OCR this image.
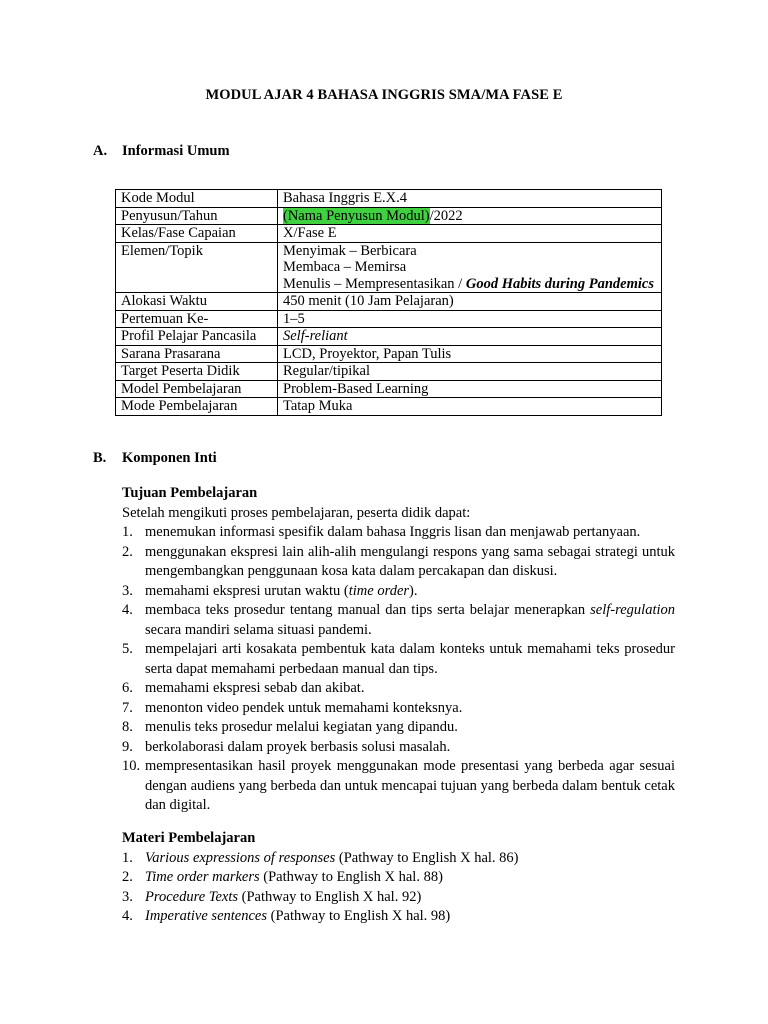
MODUL AJAR 4 BAHASA INGGRIS SMA/MA FASE E
A. Informasi Umum
Kode Modul	Bahasa Inggris E.X.4
Penyusun/Tahun	(Nama Penyusun Modul)/2022
Kelas/Fase Capaian	X/Fase E
Elemen/Topik	Menyimak – Berbicara
Membaca – Memirsa
Menulis – Mempresentasikan / Good Habits during Pandemics

Alokasi Waktu	450 menit (10 Jam Pelajaran)
Pertemuan Ke-	1–5
Profil Pelajar Pancasila	Self-reliant
Sarana Prasarana	LCD, Proyektor, Papan Tulis
Target Peserta Didik	Regular/tipikal
Model Pembelajaran	Problem-Based Learning
Mode Pembelajaran	Tatap Muka
B. Komponen Inti
Tujuan Pembelajaran
Setelah mengikuti proses pembelajaran, peserta didik dapat:
1. menemukan informasi spesifik dalam bahasa Inggris lisan dan menjawab pertanyaan.
2. menggunakan ekspresi lain alih-alih mengulangi respons yang sama sebagai strategi untuk mengembangkan penggunaan kosa kata dalam percakapan dan diskusi.
3. memahami ekspresi urutan waktu (time order).
4. membaca teks prosedur tentang manual dan tips serta belajar menerapkan self-regulation secara mandiri selama situasi pandemi.
5. mempelajari arti kosakata pembentuk kata dalam konteks untuk memahami teks prosedur serta dapat memahami perbedaan manual dan tips.
6. memahami ekspresi sebab dan akibat.
7. menonton video pendek untuk memahami konteksnya.
8. menulis teks prosedur melalui kegiatan yang dipandu.
9. berkolaborasi dalam proyek berbasis solusi masalah.
10. mempresentasikan hasil proyek menggunakan mode presentasi yang berbeda agar sesuai dengan audiens yang berbeda dan untuk mencapai tujuan yang berbeda dalam bentuk cetak dan digital.
Materi Pembelajaran
1. Various expressions of responses (Pathway to English X hal. 86)
2. Time order markers (Pathway to English X hal. 88)
3. Procedure Texts (Pathway to English X hal. 92)
4. Imperative sentences (Pathway to English X hal. 98)
